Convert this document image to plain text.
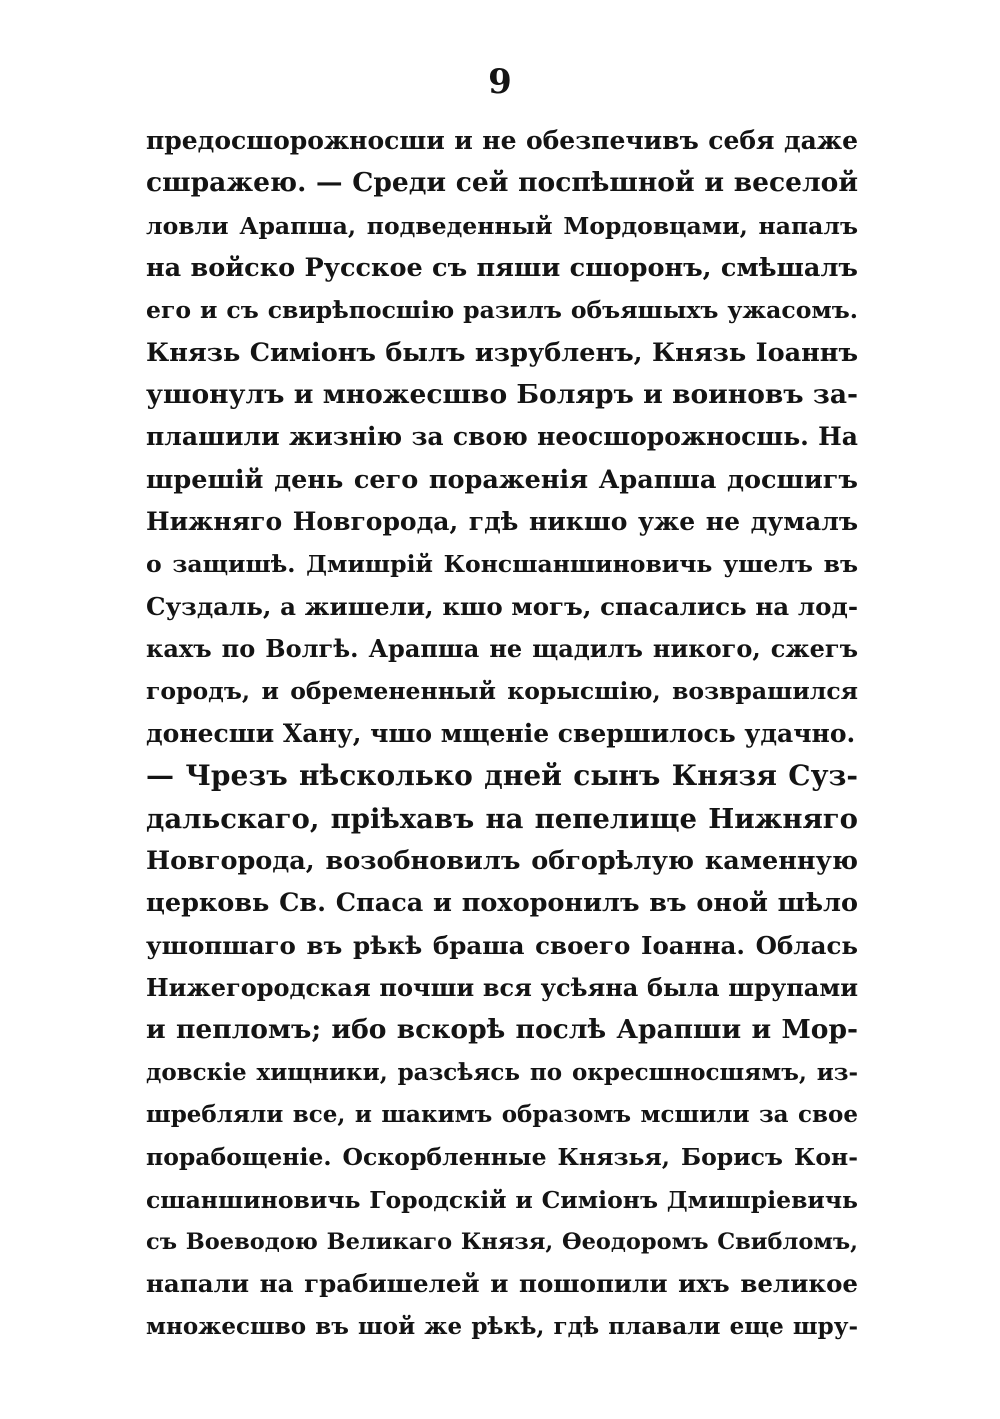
9
предосшорожносши и не обезпечивъ себя даже
сшражею. — Среди сей поспѣшной и веселой
ловли Арапша, подведенный Мордовцами, напалъ
на войско Русское съ пяши сшоронъ, смѣшалъ
его и съ свирѣпосшію разилъ объяшыхъ ужасомъ.
Князь Симіонъ былъ изрубленъ, Князь Іоаннъ
ушонулъ и множесшво Боляръ и воиновъ за-
плашили жизнію за свою неосшорожносшь. На
шрешій день сего пораженія Арапша досшигъ
Нижняго Новгорода, гдѣ никшо уже не думалъ
о защишѣ. Дмишрій Консшаншиновичь ушелъ въ
Суздаль, а жишели, кшо могъ, спасались на лод-
кахъ по Волгѣ. Арапша не щадилъ никого, сжегъ
городъ, и обремененный корысшію, возврашился
донесши Хану, чшо мщеніе свершилось удачно.
— Чрезъ нѣсколько дней сынъ Князя Суз-
дальскаго, пріѣхавъ на пепелище Нижняго
Новгорода, возобновилъ обгорѣлую каменную
церковь Св. Спаса и похоронилъ въ оной шѣло
ушопшаго въ рѣкѣ браша своего Іоанна. Облась
Нижегородская почши вся усѣяна была шрупами
и пепломъ; ибо вскорѣ послѣ Арапши и Мор-
довскіе хищники, разсѣясь по окресшносшямъ, из-
шребляли все, и шакимъ образомъ мсшили за свое
порабощеніе. Оскорбленные Князья, Борисъ Кон-
сшаншиновичь Городскій и Симіонъ Дмишріевичь
съ Воеводою Великаго Князя, Ѳеодоромъ Свибломъ,
напали на грабишелей и пошопили ихъ великое
множесшво въ шой же рѣкѣ, гдѣ плавали еще шру-
